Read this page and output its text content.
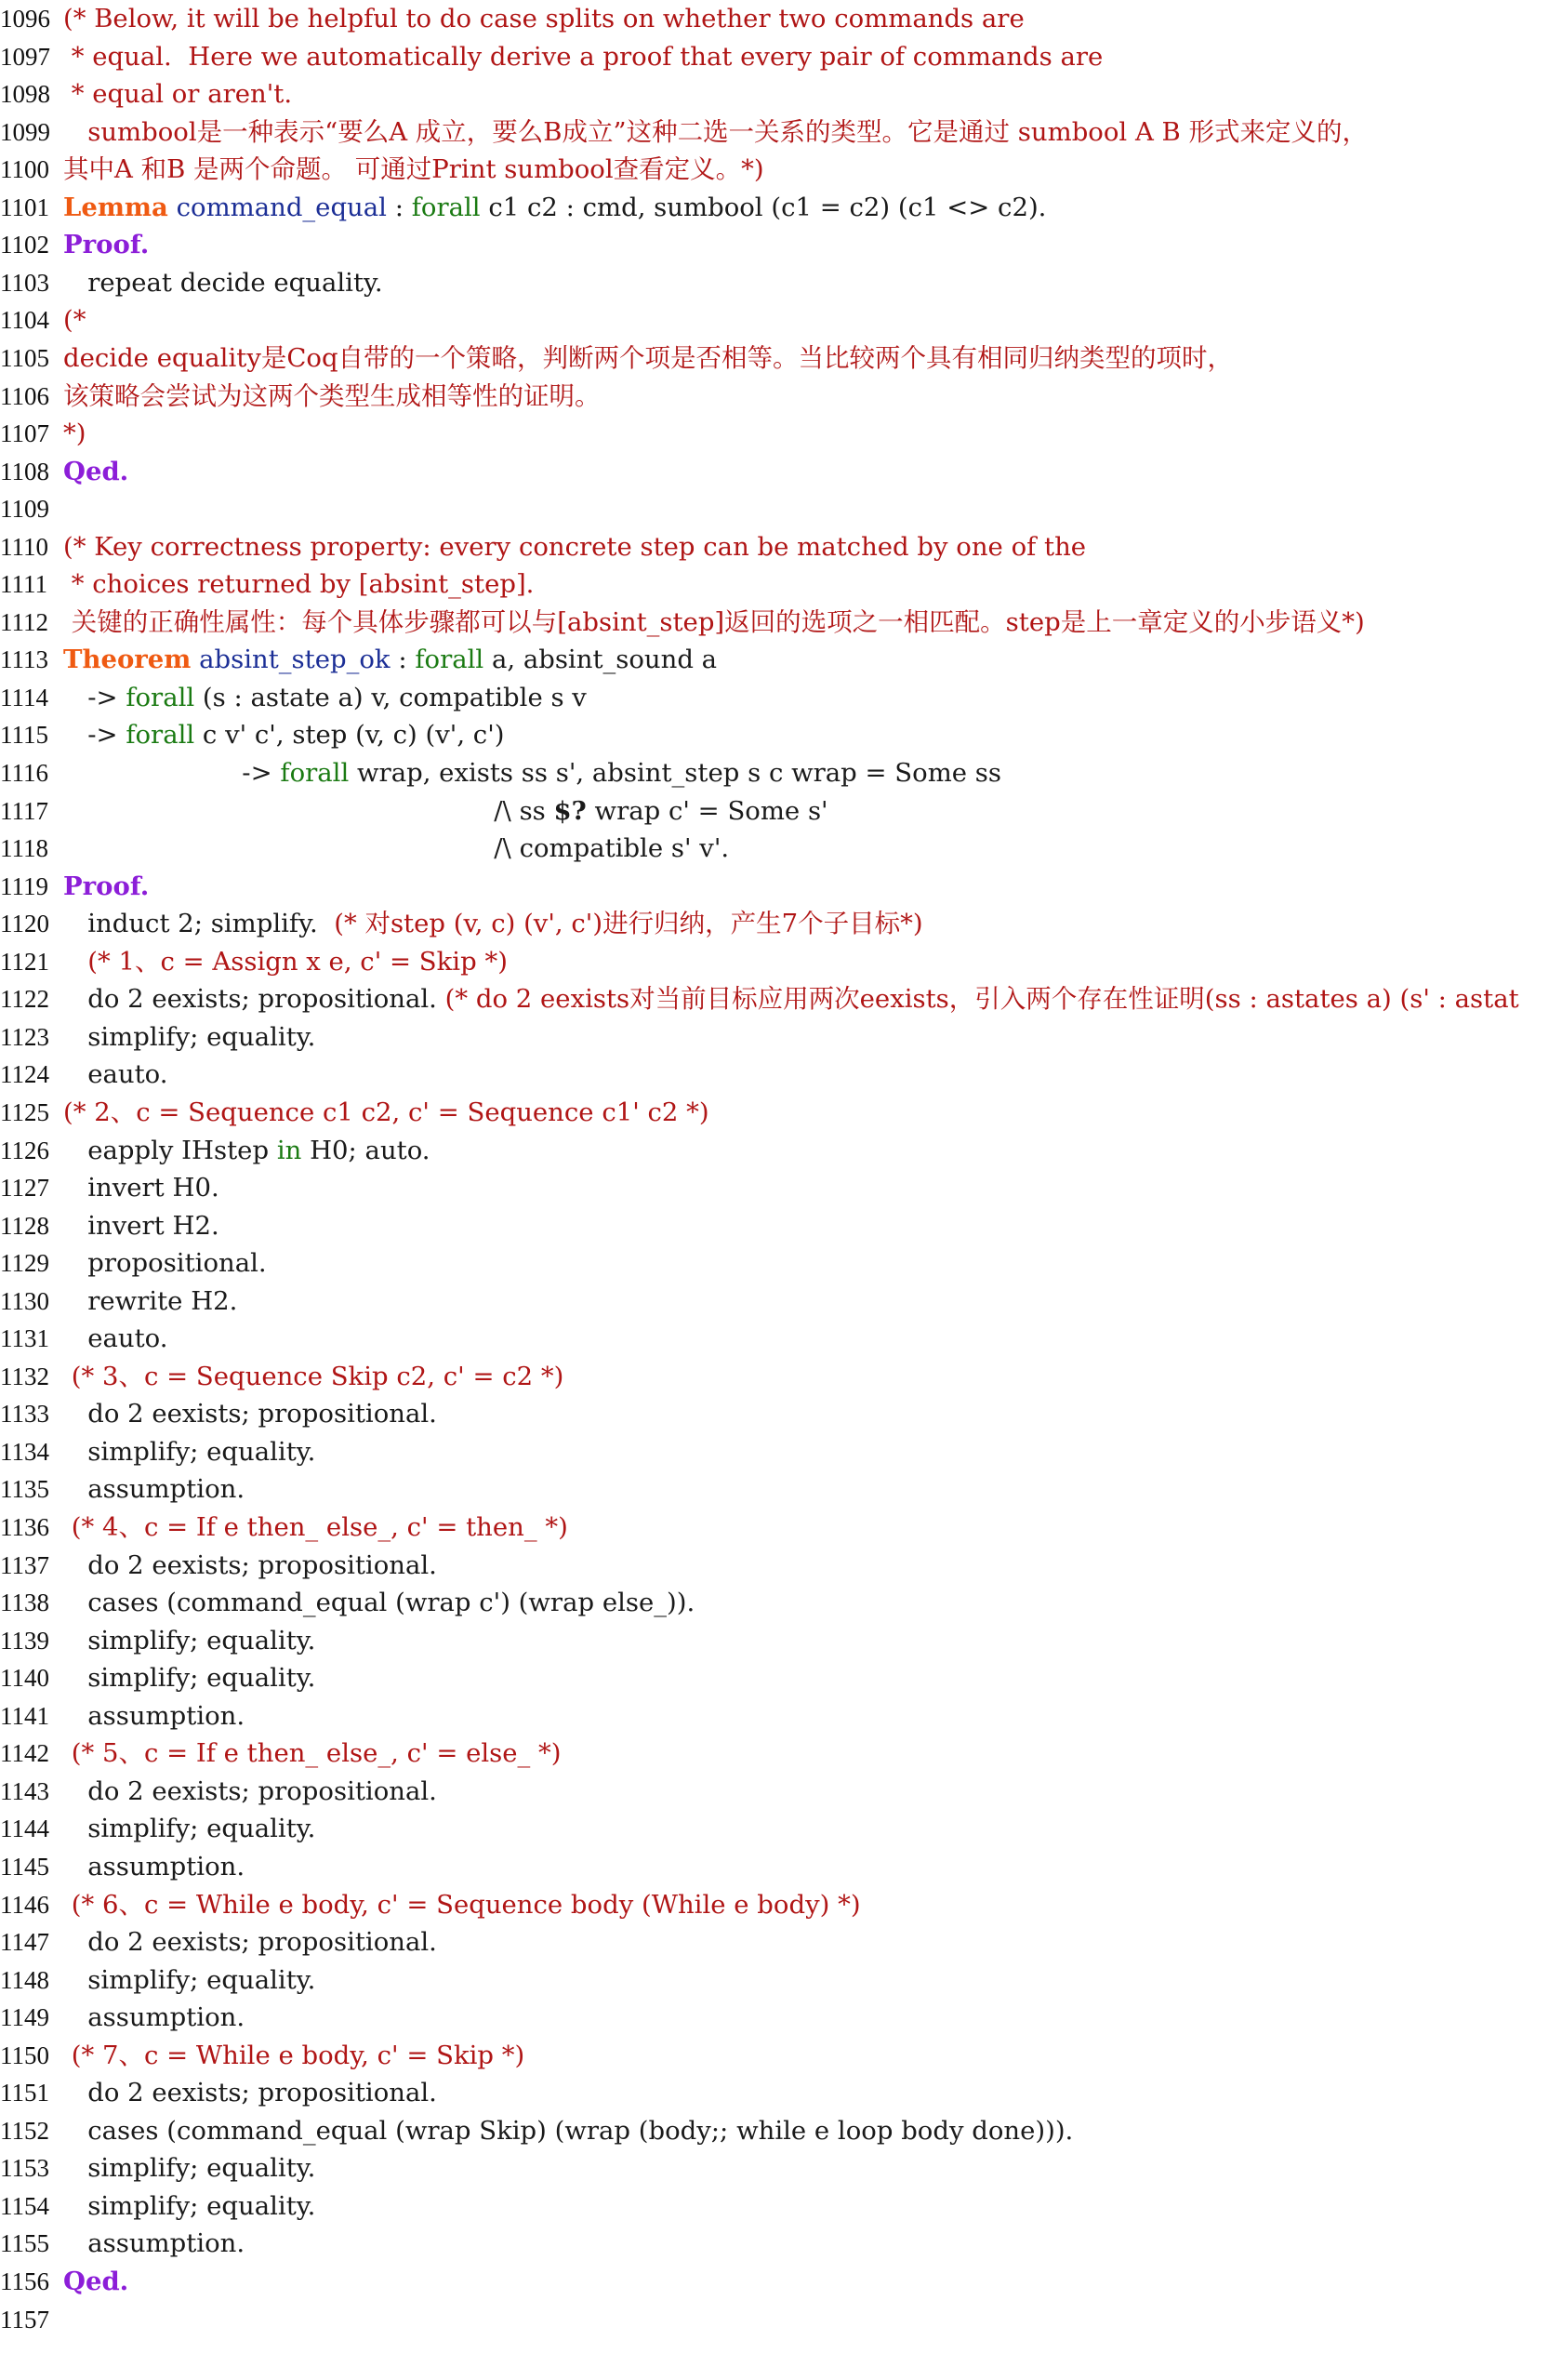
1096 (* Below, it will be helpful to do case splits on whether two commands are
1097 * equal.  Here we automatically derive a proof that every pair of commands are
1098 * equal or aren't.
1099   sumbool是一种表示“要么A 成立，要么B成立”这种二选一关系的类型。它是通过 sumbool A B 形式来定义的，
1100 其中A 和B 是两个命题。 可通过Print sumbool查看定义。*)
1101 Lemma command_equal : forall c1 c2 : cmd, sumbool (c1 = c2) (c1 <> c2).
1102 Proof.
1103   repeat decide equality.
1104 (*
1105 decide equality是Coq自带的一个策略，判断两个项是否相等。当比较两个具有相同归纳类型的项时，
1106 该策略会尝试为这两个类型生成相等性的证明。
1107 *)
1108 Qed.
1109
1110 (* Key correctness property: every concrete step can be matched by one of the
1111 * choices returned by [absint_step].
1112 关键的正确性属性：每个具体步骤都可以与[absint_step]返回的选项之一相匹配。step是上一章定义的小步语义*)
1113 Theorem absint_step_ok : forall a, absint_sound a
1114   -> forall (s : astate a) v, compatible s v
1115   -> forall c v' c', step (v, c) (v', c')
1116                      -> forall wrap, exists ss s', absint_step s c wrap = Some ss
1117                                                     /\ ss $? wrap c' = Some s'
1118                                                     /\ compatible s' v'.
1119 Proof.
1120   induct 2; simplify.  (* 对step (v, c) (v', c')进行归纳，产生7个子目标*)
1121   (* 1、c = Assign x e, c' = Skip *)
1122   do 2 eexists; propositional. (* do 2 eexists对当前目标应用两次eexists，引入两个存在性证明(ss : astates a) (s' : astat
1123   simplify; equality.
1124   eauto.
1125 (* 2、c = Sequence c1 c2, c' = Sequence c1' c2 *)
1126   eapply IHstep in H0; auto.
1127   invert H0.
1128   invert H2.
1129   propositional.
1130   rewrite H2.
1131   eauto.
1132 (* 3、c = Sequence Skip c2, c' = c2 *)
1133   do 2 eexists; propositional.
1134   simplify; equality.
1135   assumption.
1136 (* 4、c = If e then_ else_, c' = then_ *)
1137   do 2 eexists; propositional.
1138   cases (command_equal (wrap c') (wrap else_)).
1139   simplify; equality.
1140   simplify; equality.
1141   assumption.
1142 (* 5、c = If e then_ else_, c' = else_ *)
1143   do 2 eexists; propositional.
1144   simplify; equality.
1145   assumption.
1146 (* 6、c = While e body, c' = Sequence body (While e body) *)
1147   do 2 eexists; propositional.
1148   simplify; equality.
1149   assumption.
1150 (* 7、c = While e body, c' = Skip *)
1151   do 2 eexists; propositional.
1152   cases (command_equal (wrap Skip) (wrap (body;; while e loop body done))).
1153   simplify; equality.
1154   simplify; equality.
1155   assumption.
1156 Qed.
1157
